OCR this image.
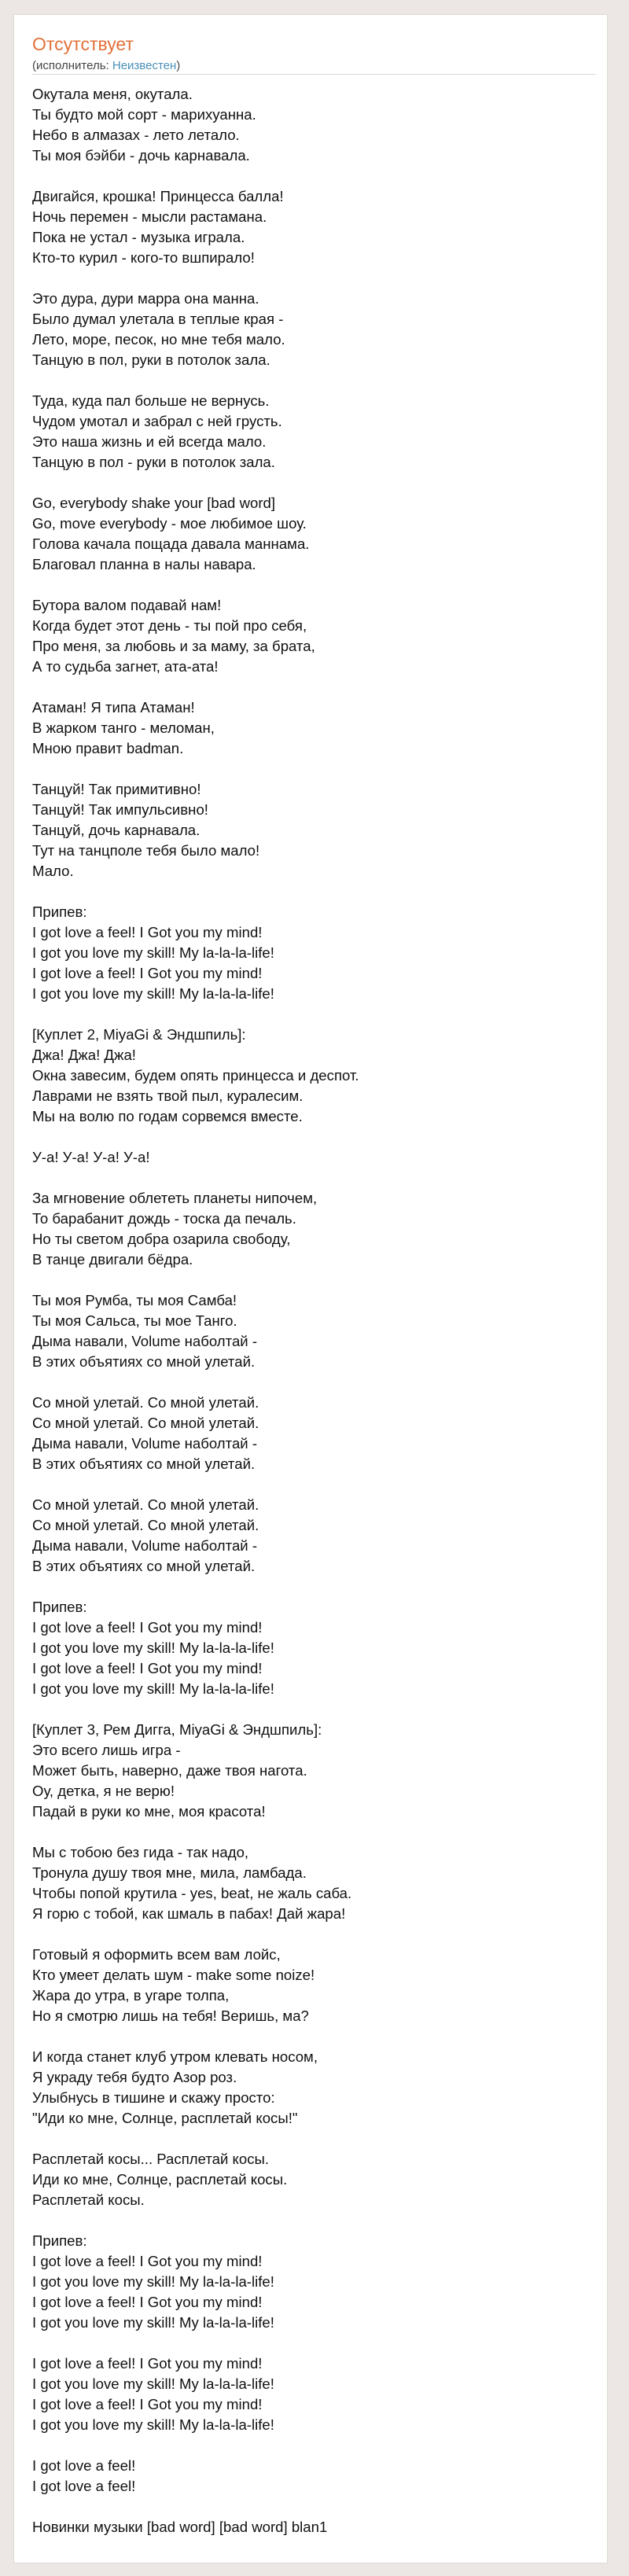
Отсутствует
(исполнитель: Неизвестен)
Окутала меня, окутала.
Ты будто мой сорт - марихуанна.
Небо в алмазах - лето летало.
Ты моя бэйби - дочь карнавала.
Двигайся, крошка! Принцесса балла!
Ночь перемен - мысли растамана.
Пока не устал - музыка играла.
Кто-то курил - кого-то вшпирало!
Это дура, дури марра она манна.
Было думал улетала в теплые края -
Лето, море, песок, но мне тебя мало.
Танцую в пол, руки в потолок зала.
Туда, куда пал больше не вернусь.
Чудом умотал и забрал с ней грусть.
Это наша жизнь и ей всегда мало.
Танцую в пол - руки в потолок зала.
Go, everybody shake your [bad word]
Go, move everybody - мое любимое шоу.
Голова качала пощада давала маннама.
Благовал планна в налы навара.
Бутора валом подавай нам!
Когда будет этот день - ты пой про себя,
Про меня, за любовь и за маму, за брата,
А то судьба загнет, ата-ата!
Атаман! Я типа Атаман!
В жарком танго - меломан,
Мною правит badman.
Танцуй! Так примитивно!
Танцуй! Так импульсивно!
Танцуй, дочь карнавала.
Тут на танцполе тебя было мало!
Мало.
Припев:
I got love a feel! I Got you my mind!
I got you love my skill! My la-la-la-life!
I got love a feel! I Got you my mind!
I got you love my skill! My la-la-la-life!
[Куплет 2, MiyaGi & Эндшпиль]:
Джа! Джа! Джа!
Окна завесим, будем опять принцесса и деспот.
Лаврами не взять твой пыл, куралесим.
Мы на волю по годам сорвемся вместе.
У-а! У-а! У-а! У-а!
За мгновение облететь планеты нипочем,
То барабанит дождь - тоска да печаль.
Но ты светом добра озарила свободу,
В танце двигали бёдра.
Ты моя Румба, ты моя Самба!
Ты моя Сальса, ты мое Танго.
Дыма навали, Volume наболтай -
В этих объятиях со мной улетай.
Со мной улетай. Со мной улетай.
Со мной улетай. Со мной улетай.
Дыма навали, Volume наболтай -
В этих объятиях со мной улетай.
Со мной улетай. Со мной улетай.
Со мной улетай. Со мной улетай.
Дыма навали, Volume наболтай -
В этих объятиях со мной улетай.
Припев:
I got love a feel! I Got you my mind!
I got you love my skill! My la-la-la-life!
I got love a feel! I Got you my mind!
I got you love my skill! My la-la-la-life!
[Куплет 3, Рем Дигга, MiyaGi & Эндшпиль]:
Это всего лишь игра -
Может быть, наверно, даже твоя нагота.
Оу, детка, я не верю!
Падай в руки ко мне, моя красота!
Мы с тобою без гида - так надо,
Тронула душу твоя мне, мила, ламбада.
Чтобы попой крутила - yes, beat, не жаль саба.
Я горю с тобой, как шмаль в пабах! Дай жара!
Готовый я оформить всем вам лойс,
Кто умеет делать шум - make some noize!
Жара до утра, в угаре толпа,
Но я смотрю лишь на тебя! Веришь, ма?
И когда станет клуб утром клевать носом,
Я украду тебя будто Азор роз.
Улыбнусь в тишине и скажу просто:
"Иди ко мне, Солнце, расплетай косы!"
Расплетай косы... Расплетай косы.
Иди ко мне, Солнце, расплетай косы.
Расплетай косы.
Припев:
I got love a feel! I Got you my mind!
I got you love my skill! My la-la-la-life!
I got love a feel! I Got you my mind!
I got you love my skill! My la-la-la-life!
I got love a feel! I Got you my mind!
I got you love my skill! My la-la-la-life!
I got love a feel! I Got you my mind!
I got you love my skill! My la-la-la-life!
I got love a feel!
I got love a feel!
Новинки музыки [bad word] [bad word] blan1
